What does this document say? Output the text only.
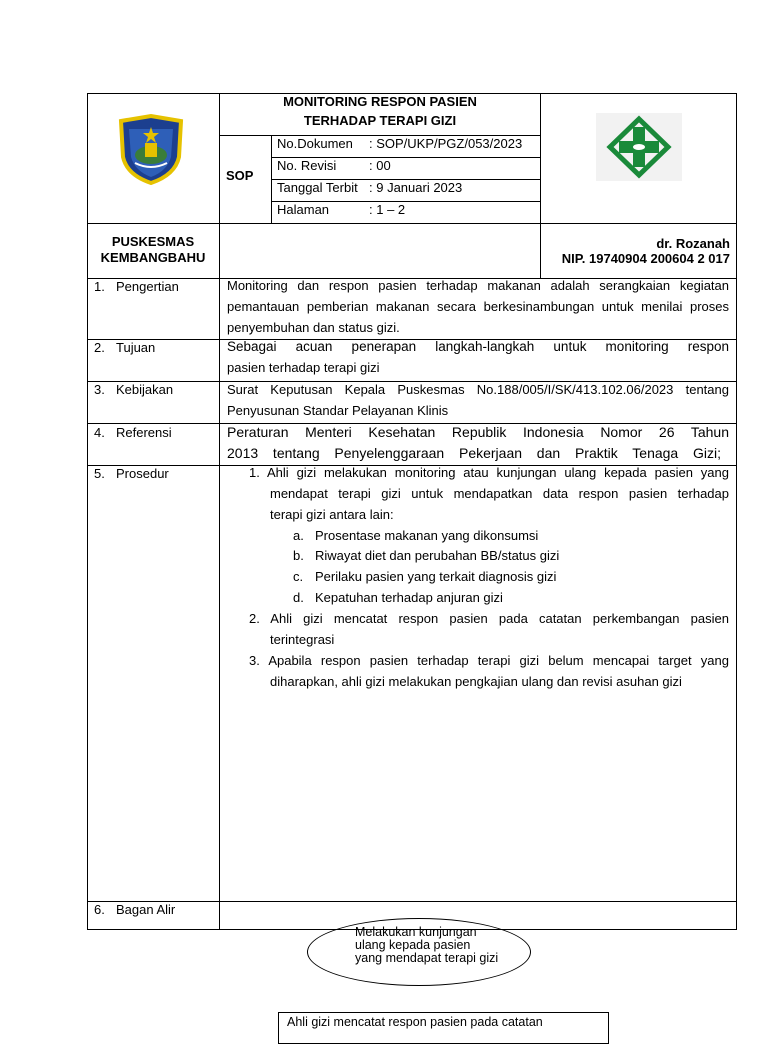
MONITORING RESPON PASIEN
TERHADAP TERAPI GIZI
SOP
No.Dokumen : SOP/UKP/PGZ/053/2023
No. Revisi	: 00
Tanggal Terbit : 9 Januari 2023
Halaman	: 1 – 2
PUSKESMAS
KEMBANGBAHU
dr. Rozanah
NIP. 19740904 200604 2 017
1. Pengertian
2. Tujuan
3. Kebijakan
4. Referensi
5. Prosedur
6. Bagan Alir
Monitoring dan respon pasien terhadap makanan adalah serangkaian kegiatan
pemantauan pemberian makanan secara berkesinambungan untuk menilai proses
penyembuhan dan status gizi.
Sebagai acuan penerapan langkah-langkah untuk monitoring respon
pasien terhadap terapi gizi
Surat Keputusan Kepala Puskesmas No.188/005/I/SK/413.102.06/2023 tentang
Penyusunan Standar Pelayanan Klinis
Peraturan Menteri Kesehatan Republik Indonesia Nomor 26 Tahun
2013 tentang Penyelenggaraan Pekerjaan dan Praktik Tenaga Gizi;
1. Ahli gizi melakukan monitoring atau kunjungan ulang kepada pasien yang
mendapat terapi gizi untuk mendapatkan data respon pasien terhadap
terapi gizi antara lain:
a. Prosentase makanan yang dikonsumsi
b. Riwayat diet dan perubahan BB/status gizi
c. Perilaku pasien yang terkait diagnosis gizi
d. Kepatuhan terhadap anjuran gizi
2. Ahli gizi mencatat respon pasien pada catatan perkembangan pasien
terintegrasi
3. Apabila respon pasien terhadap terapi gizi belum mencapai target yang
diharapkan, ahli gizi melakukan pengkajian ulang dan revisi asuhan gizi
Melakukan kunjungan
ulang kepada pasien
yang mendapat terapi gizi
Ahli gizi mencatat respon pasien pada catatan
